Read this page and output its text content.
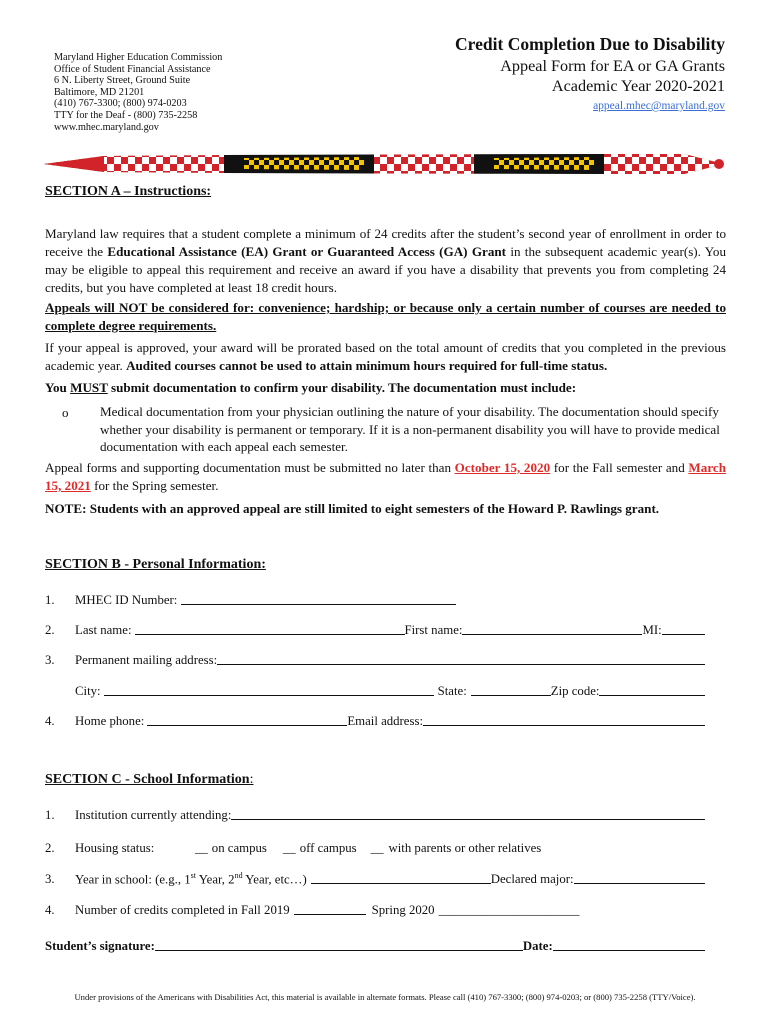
Maryland Higher Education Commission
Office of Student Financial Assistance
6 N. Liberty Street, Ground Suite
Baltimore, MD 21201
(410) 767-3300; (800) 974-0203
TTY for the Deaf - (800) 735-2258
www.mhec.maryland.gov
Credit Completion Due to Disability
Appeal Form for EA or GA Grants
Academic Year 2020-2021
appeal.mhec@maryland.gov
SECTION A – Instructions:
Maryland law requires that a student complete a minimum of 24 credits after the student’s second year of enrollment in order to receive the Educational Assistance (EA) Grant or Guaranteed Access (GA) Grant in the subsequent academic year(s). You may be eligible to appeal this requirement and receive an award if you have a disability that prevents you from completing 24 credits, but you have completed at least 18 credit hours.
Appeals will NOT be considered for: convenience; hardship; or because only a certain number of courses are needed to complete degree requirements.
If your appeal is approved, your award will be prorated based on the total amount of credits that you completed in the previous academic year. Audited courses cannot be used to attain minimum hours required for full-time status.
You MUST submit documentation to confirm your disability. The documentation must include:
o Medical documentation from your physician outlining the nature of your disability. The documentation should specify whether your disability is permanent or temporary. If it is a non-permanent disability you will have to provide medical documentation with each appeal each semester.
Appeal forms and supporting documentation must be submitted no later than October 15, 2020 for the Fall semester and March 15, 2021 for the Spring semester.
NOTE: Students with an approved appeal are still limited to eight semesters of the Howard P. Rawlings grant.
SECTION B - Personal Information:
1.	MHEC ID Number:
2.	Last name:	First name:	MI:
3.	Permanent mailing address:
City:	State:	Zip code:
4.	Home phone:	Email address:
SECTION C - School Information:
1.	Institution currently attending:
2.	Housing status:	__ on campus __ off campus __ with parents or other relatives
3.	Year in school: (e.g., 1st Year, 2nd Year, etc…)	Declared major:
4.	Number of credits completed in Fall 2019	Spring 2020 ______________________
Student’s signature:	Date:
Under provisions of the Americans with Disabilities Act, this material is available in alternate formats. Please call (410) 767-3300; (800) 974-0203; or (800) 735-2258 (TTY/Voice).
